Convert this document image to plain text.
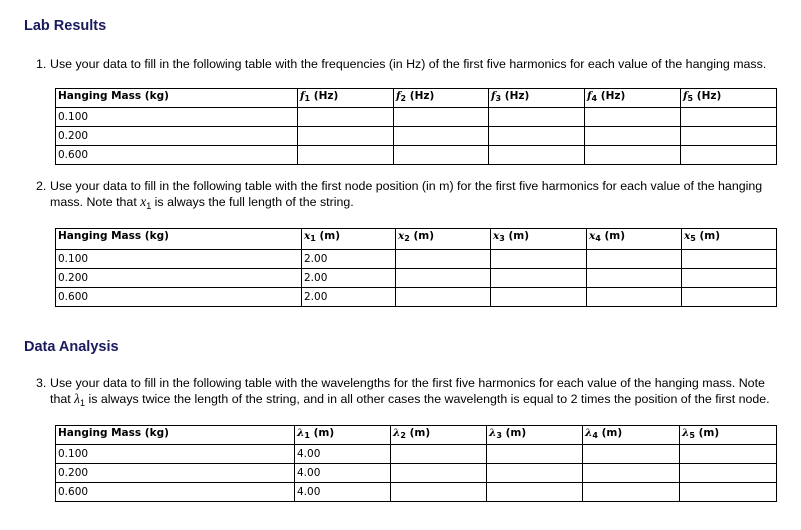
Lab Results
1. Use your data to fill in the following table with the frequencies (in Hz) of the first five harmonics for each value of the hanging mass.
Hanging Mass (kg)	$f_1$ (Hz)	$f_2$ (Hz)	$f_3$ (Hz)	$f_4$ (Hz)	$f_5$ (Hz)
0.100					
0.200					
0.600					
2. Use your data to fill in the following table with the first node position (in m) for the first five harmonics for each value of the hanging mass. Note that $x_1$ is always the full length of the string.
Hanging Mass (kg)	$x_1$ (m)	$x_2$ (m)	$x_3$ (m)	$x_4$ (m)	$x_5$ (m)
0.100	2.00				
0.200	2.00				
0.600	2.00				
Data Analysis
3. Use your data to fill in the following table with the wavelengths for the first five harmonics for each value of the hanging mass. Note that $\lambda_1$ is always twice the length of the string, and in all other cases the wavelength is equal to 2 times the position of the first node.
Hanging Mass (kg)	$\lambda_1$ (m)	$\lambda_2$ (m)	$\lambda_3$ (m)	$\lambda_4$ (m)	$\lambda_5$ (m)
0.100	4.00				
0.200	4.00				
0.600	4.00				
